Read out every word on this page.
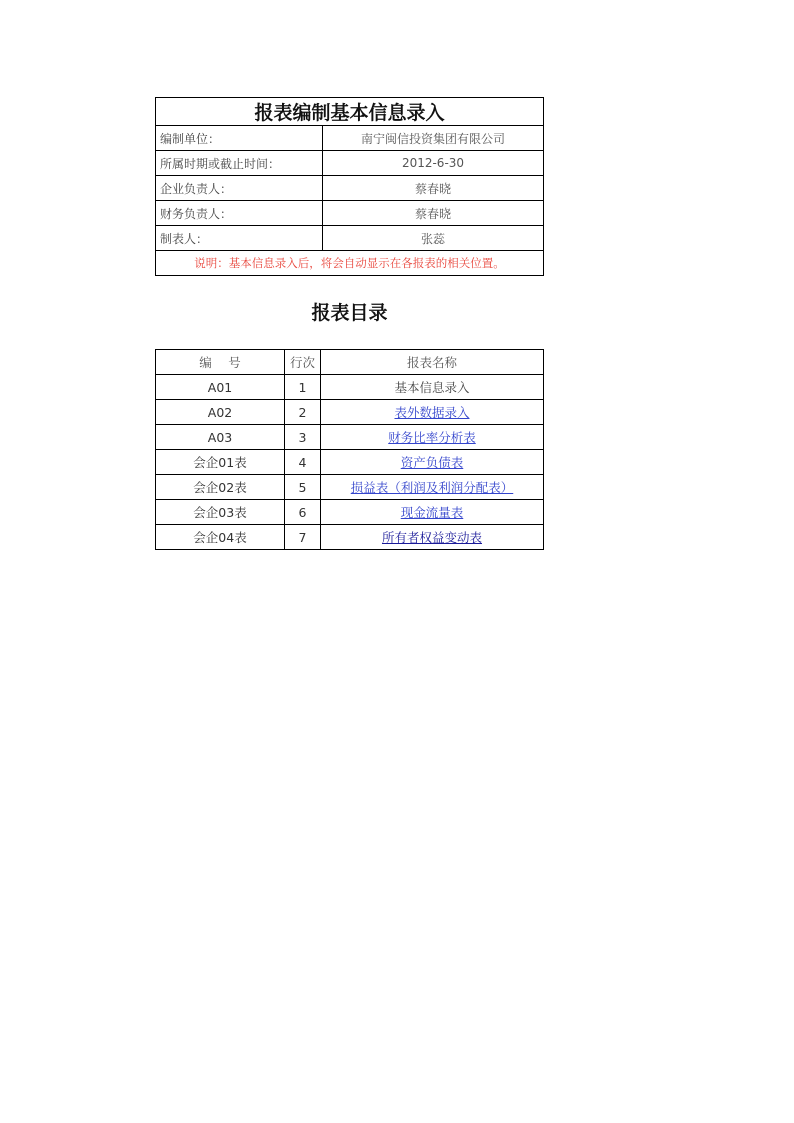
报表编制基本信息录入	
编制单位：	南宁闽信投资集团有限公司
所属时期或截止时间：	2012-6-30
企业负责人：	蔡春晓
财务负责人：	蔡春晓
制表人：	张蕊
说明：基本信息录入后，将会自动显示在各报表的相关位置。	
报表目录
编　 号	行次	报表名称
A01	1	基本信息录入
A02	2	表外数据录入
A03	3	财务比率分析表
会企01表	4	资产负债表
会企02表	5	损益表（利润及利润分配表）
会企03表	6	现金流量表
会企04表	7	所有者权益变动表
